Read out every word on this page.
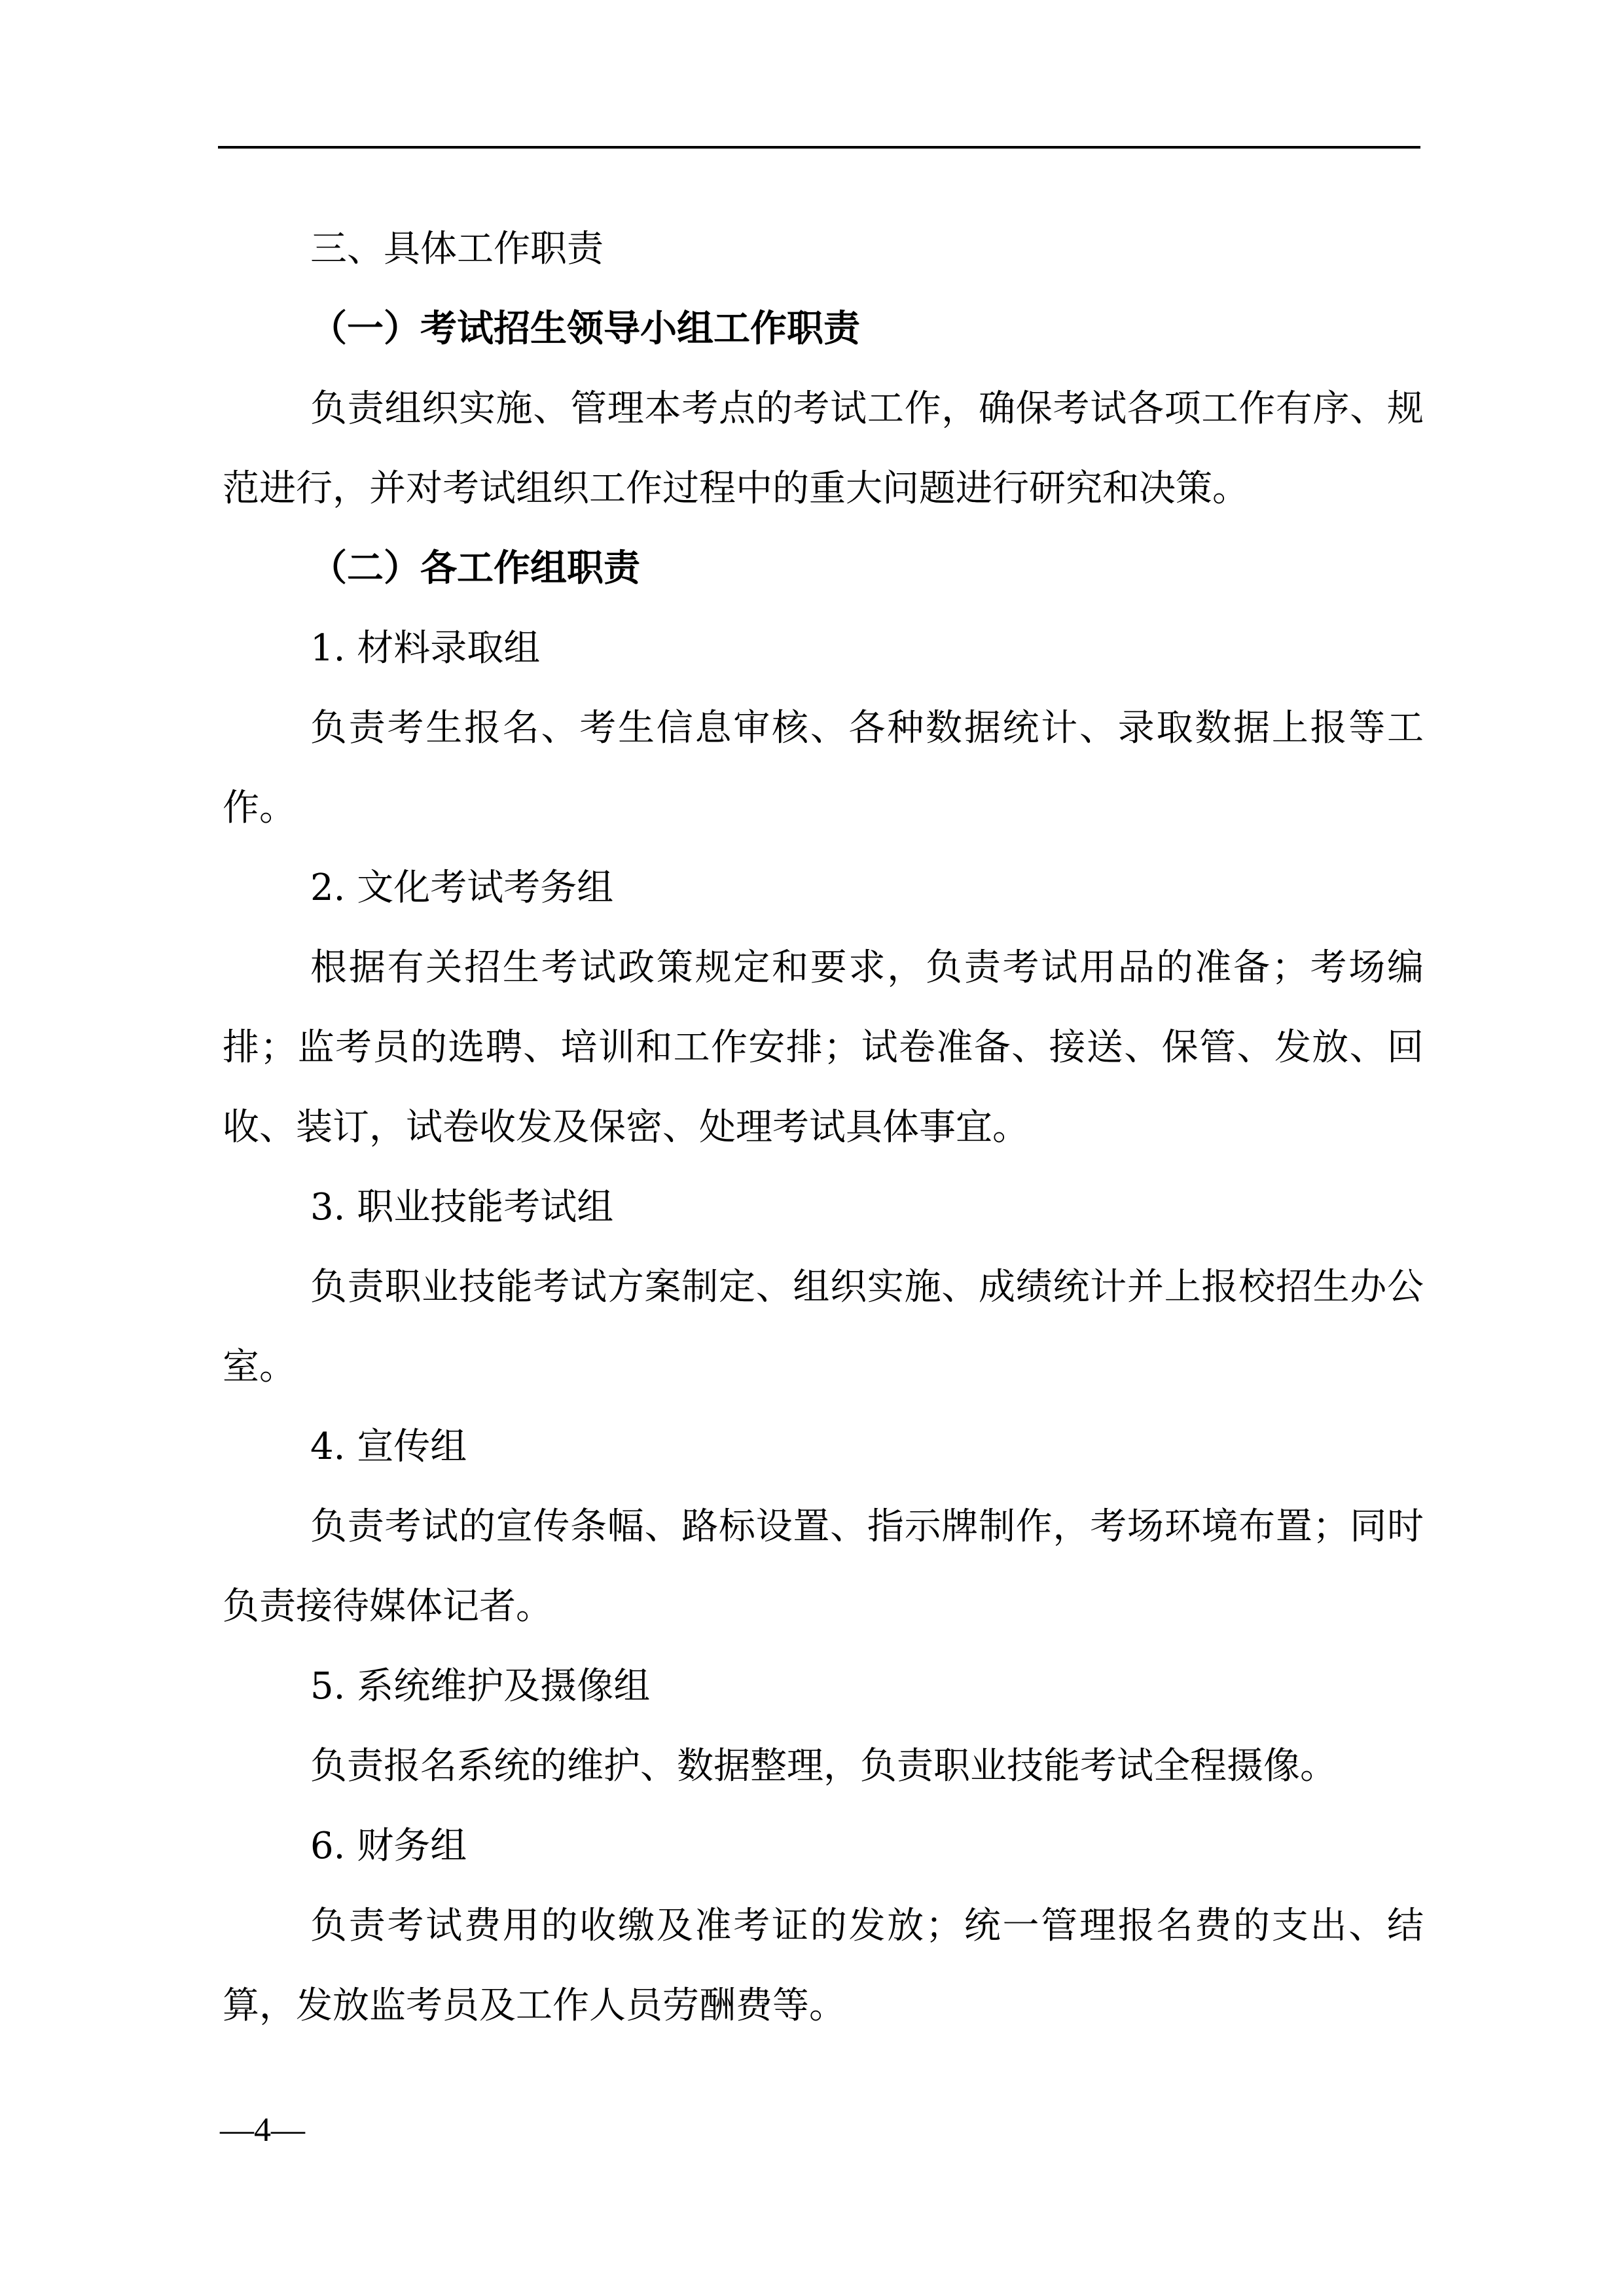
三、具体工作职责

（一）考试招生领导小组工作职责

负责组织实施、管理本考点的考试工作，确保考试各项工作有序、规范进行，并对考试组织工作过程中的重大问题进行研究和决策。

（二）各工作组职责

1. 材料录取组

负责考生报名、考生信息审核、各种数据统计、录取数据上报等工作。

2. 文化考试考务组

根据有关招生考试政策规定和要求，负责考试用品的准备；考场编排；监考员的选聘、培训和工作安排；试卷准备、接送、保管、发放、回收、装订，试卷收发及保密、处理考试具体事宜。

3. 职业技能考试组

负责职业技能考试方案制定、组织实施、成绩统计并上报校招生办公室。

4. 宣传组

负责考试的宣传条幅、路标设置、指示牌制作，考场环境布置；同时负责接待媒体记者。

5. 系统维护及摄像组

负责报名系统的维护、数据整理，负责职业技能考试全程摄像。

6. 财务组

负责考试费用的收缴及准考证的发放；统一管理报名费的支出、结算，发放监考员及工作人员劳酬费等。

—4—
